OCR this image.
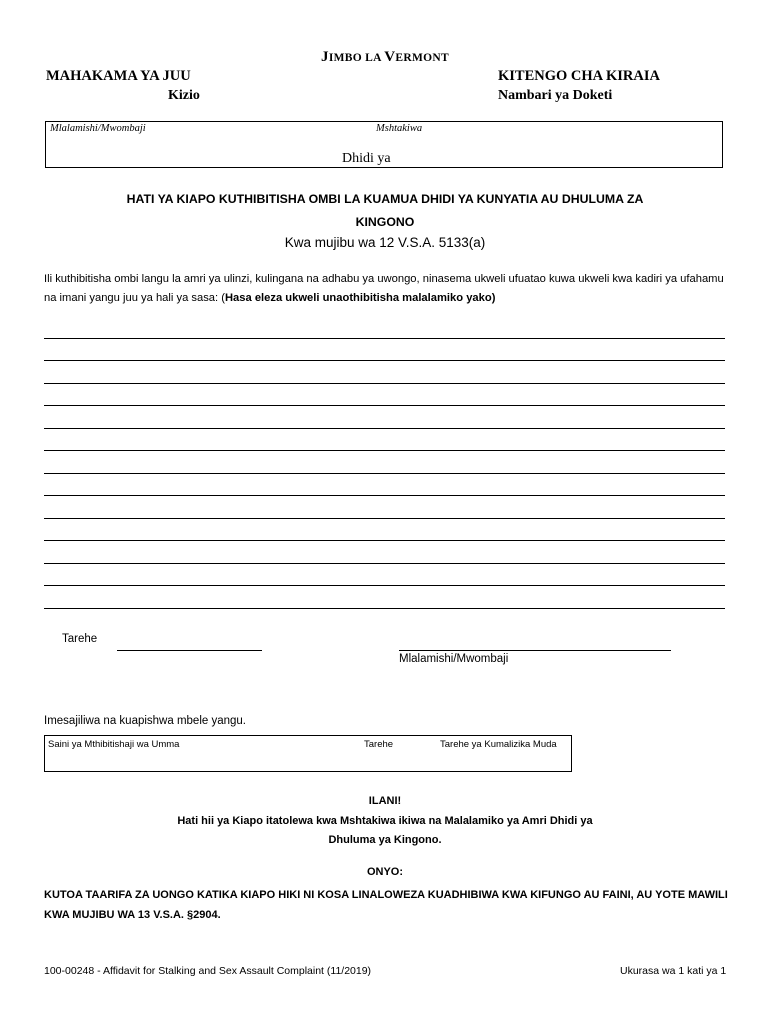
JIMBO LA VERMONT
MAHAKAMA YA JUU
Kizio
KITENGO CHA KIRAIA
Nambari ya Doketi
Mlalamishi/Mwombaji	Mshtakiwa
Dhidi ya
HATI YA KIAPO KUTHIBITISHA OMBI LA KUAMUA DHIDI YA KUNYATIA AU DHULUMA ZA
KINGONO
Kwa mujibu wa 12 V.S.A. 5133(a)
Ili kuthibitisha ombi langu la amri ya ulinzi, kulingana na adhabu ya uwongo, ninasema ukweli ufuatao kuwa ukweli kwa kadiri ya ufahamu na imani yangu juu ya hali ya sasa: (Hasa eleza ukweli unaothibitisha malalamiko yako)
Tarehe
Mlalamishi/Mwombaji
Imesajiliwa na kuapishwa mbele yangu.
Saini ya Mthibitishaji wa Umma	Tarehe	Tarehe ya Kumalizika Muda
ILANI!
Hati hii ya Kiapo itatolewa kwa Mshtakiwa ikiwa na Malalamiko ya Amri Dhidi ya
Dhuluma ya Kingono.
ONYO:
KUTOA TAARIFA ZA UONGO KATIKA KIAPO HIKI NI KOSA LINALOWEZA KUADHIBIWA KWA KIFUNGO AU FAINI, AU YOTE MAWILI KWA MUJIBU WA 13 V.S.A. §2904.
100-00248 - Affidavit for Stalking and Sex Assault Complaint (11/2019)	Ukurasa wa 1 kati ya 1
